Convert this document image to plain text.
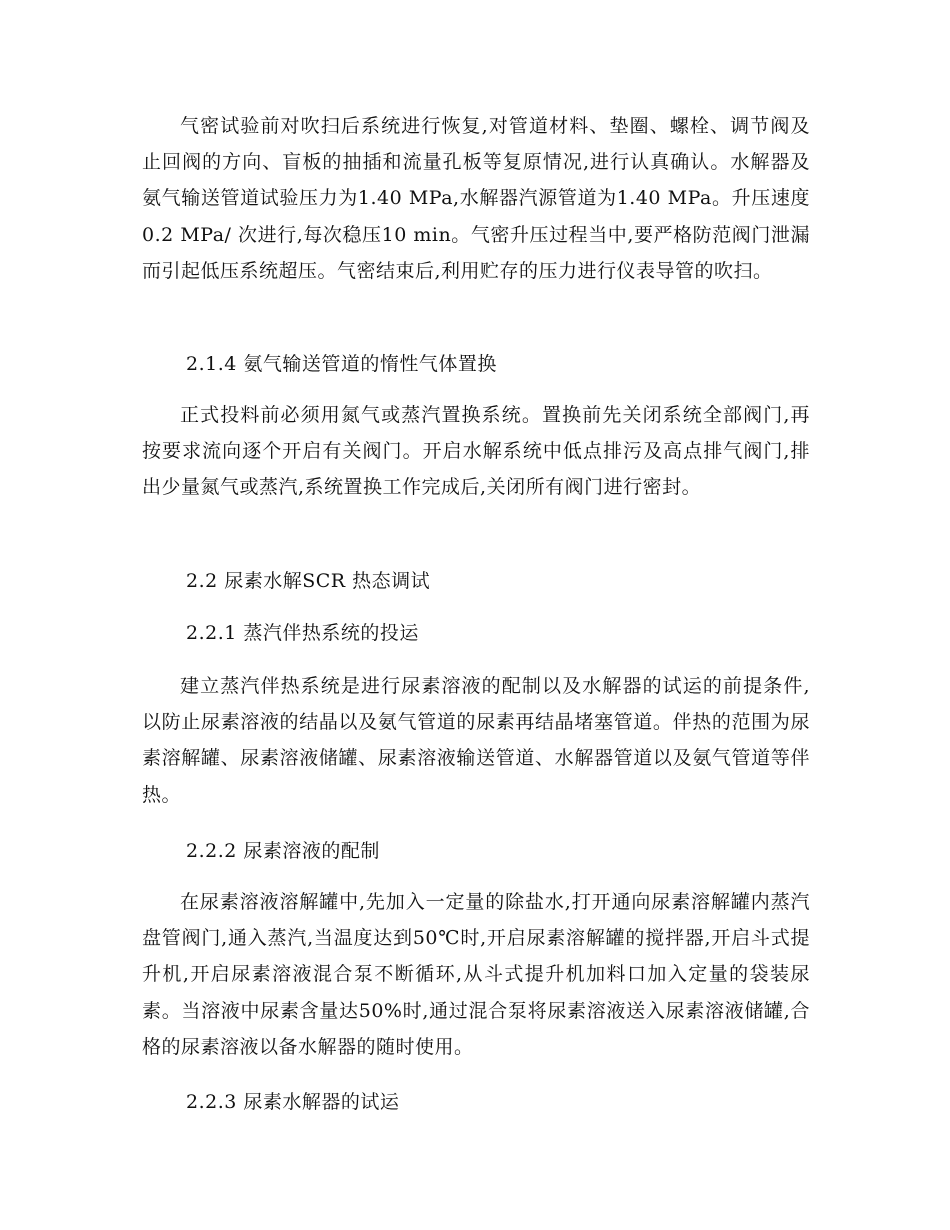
气密试验前对吹扫后系统进行恢复,对管道材料、垫圈、螺栓、调节阀及止回阀的方向、盲板的抽插和流量孔板等复原情况,进行认真确认。水解器及氨气输送管道试验压力为1.40 MPa,水解器汽源管道为1.40 MPa。升压速度0.2 MPa/ 次进行,每次稳压10 min。气密升压过程当中,要严格防范阀门泄漏而引起低压系统超压。气密结束后,利用贮存的压力进行仪表导管的吹扫。

2.1.4 氨气输送管道的惰性气体置换

正式投料前必须用氮气或蒸汽置换系统。置换前先关闭系统全部阀门,再按要求流向逐个开启有关阀门。开启水解系统中低点排污及高点排气阀门,排出少量氮气或蒸汽,系统置换工作完成后,关闭所有阀门进行密封。

2.2 尿素水解SCR 热态调试
2.2.1 蒸汽伴热系统的投运

建立蒸汽伴热系统是进行尿素溶液的配制以及水解器的试运的前提条件,以防止尿素溶液的结晶以及氨气管道的尿素再结晶堵塞管道。伴热的范围为尿素溶解罐、尿素溶液储罐、尿素溶液输送管道、水解器管道以及氨气管道等伴热。

2.2.2 尿素溶液的配制

在尿素溶液溶解罐中,先加入一定量的除盐水,打开通向尿素溶解罐内蒸汽盘管阀门,通入蒸汽,当温度达到50℃时,开启尿素溶解罐的搅拌器,开启斗式提升机,开启尿素溶液混合泵不断循环,从斗式提升机加料口加入定量的袋装尿素。当溶液中尿素含量达50%时,通过混合泵将尿素溶液送入尿素溶液储罐,合格的尿素溶液以备水解器的随时使用。

2.2.3 尿素水解器的试运
